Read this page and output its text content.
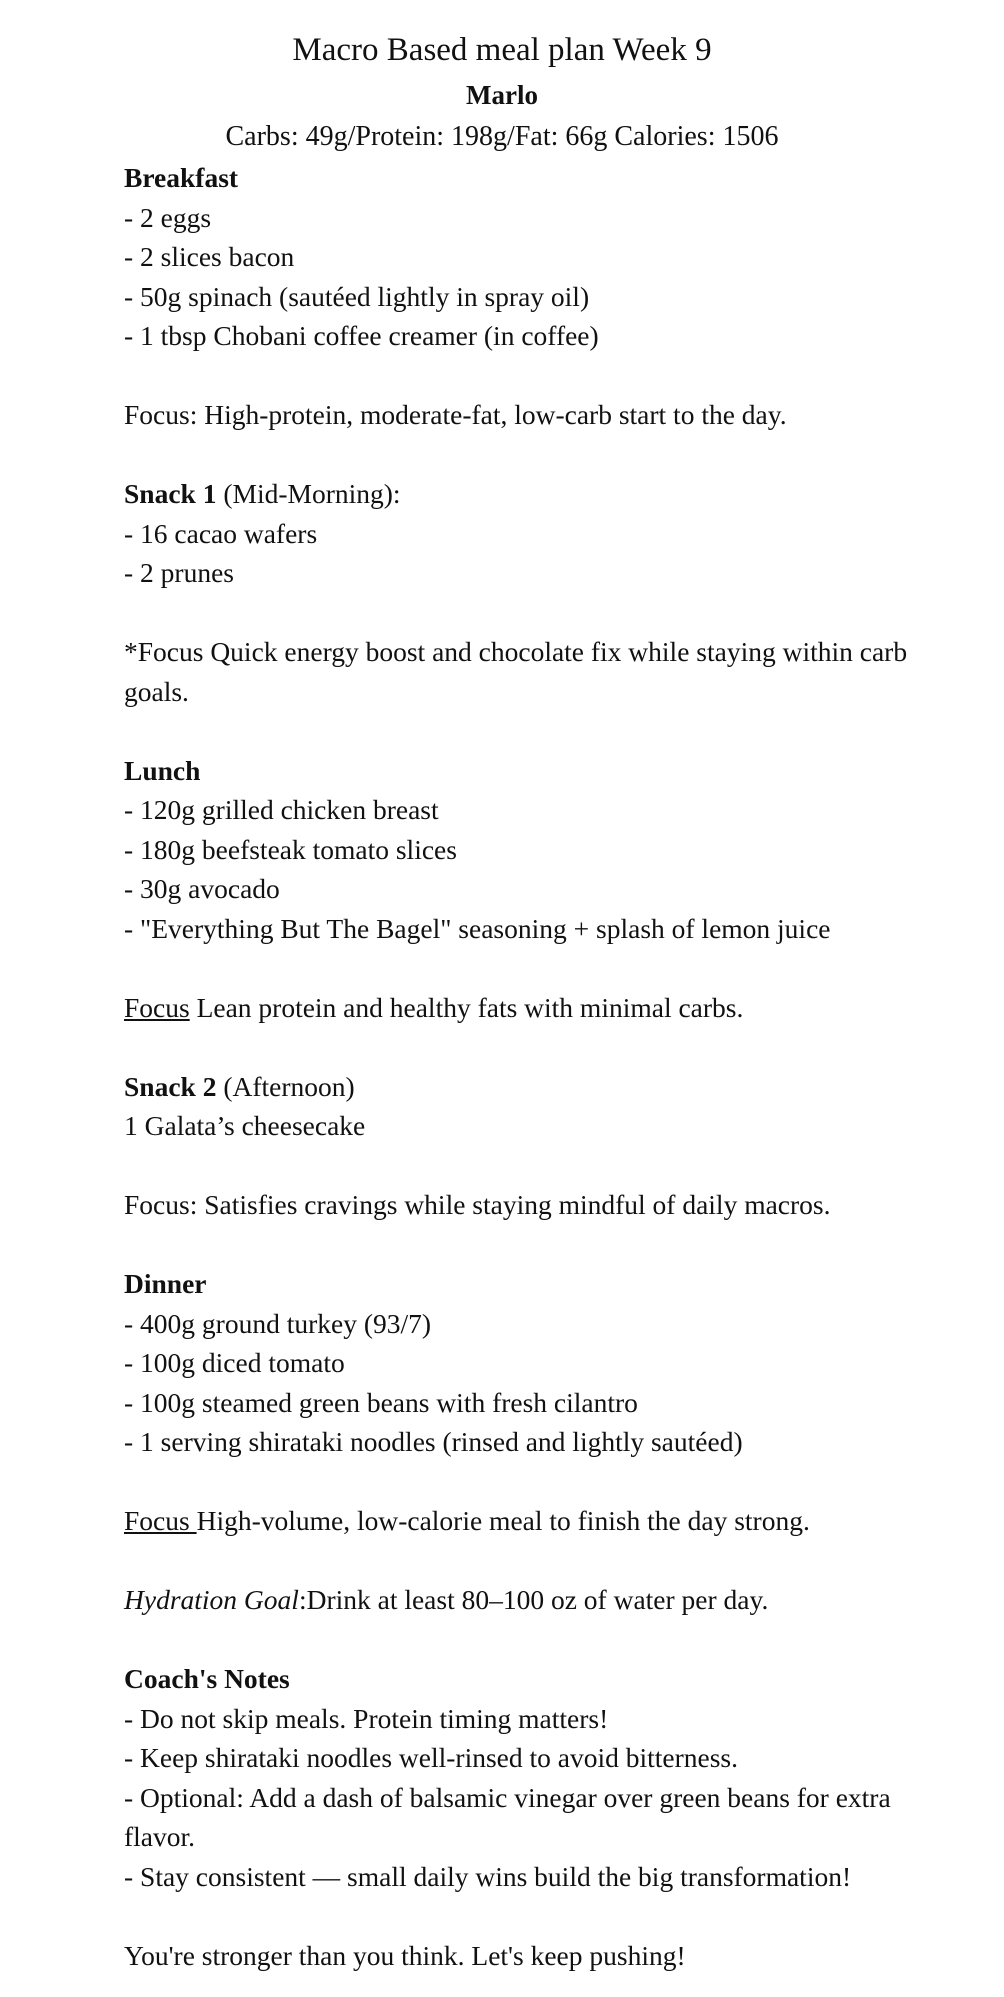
Macro Based meal plan Week 9
Marlo
Carbs: 49g/Protein: 198g/Fat: 66g Calories: 1506
Breakfast
- 2 eggs
- 2 slices bacon
- 50g spinach (sautéed lightly in spray oil)
- 1 tbsp Chobani coffee creamer (in coffee)
Focus: High-protein, moderate-fat, low-carb start to the day.
Snack 1 (Mid-Morning):
- 16 cacao wafers
- 2 prunes
*Focus Quick energy boost and chocolate fix while staying within carb goals.
Lunch
- 120g grilled chicken breast
- 180g beefsteak tomato slices
- 30g avocado
- "Everything But The Bagel" seasoning + splash of lemon juice
Focus Lean protein and healthy fats with minimal carbs.
Snack 2 (Afternoon)
1 Galata’s cheesecake
Focus: Satisfies cravings while staying mindful of daily macros.
Dinner
- 400g ground turkey (93/7)
- 100g diced tomato
- 100g steamed green beans with fresh cilantro
- 1 serving shirataki noodles (rinsed and lightly sautéed)
Focus High-volume, low-calorie meal to finish the day strong.
Hydration Goal:Drink at least 80–100 oz of water per day.
Coach's Notes
- Do not skip meals. Protein timing matters!
- Keep shirataki noodles well-rinsed to avoid bitterness.
- Optional: Add a dash of balsamic vinegar over green beans for extra flavor.
- Stay consistent — small daily wins build the big transformation!
You're stronger than you think. Let's keep pushing!
